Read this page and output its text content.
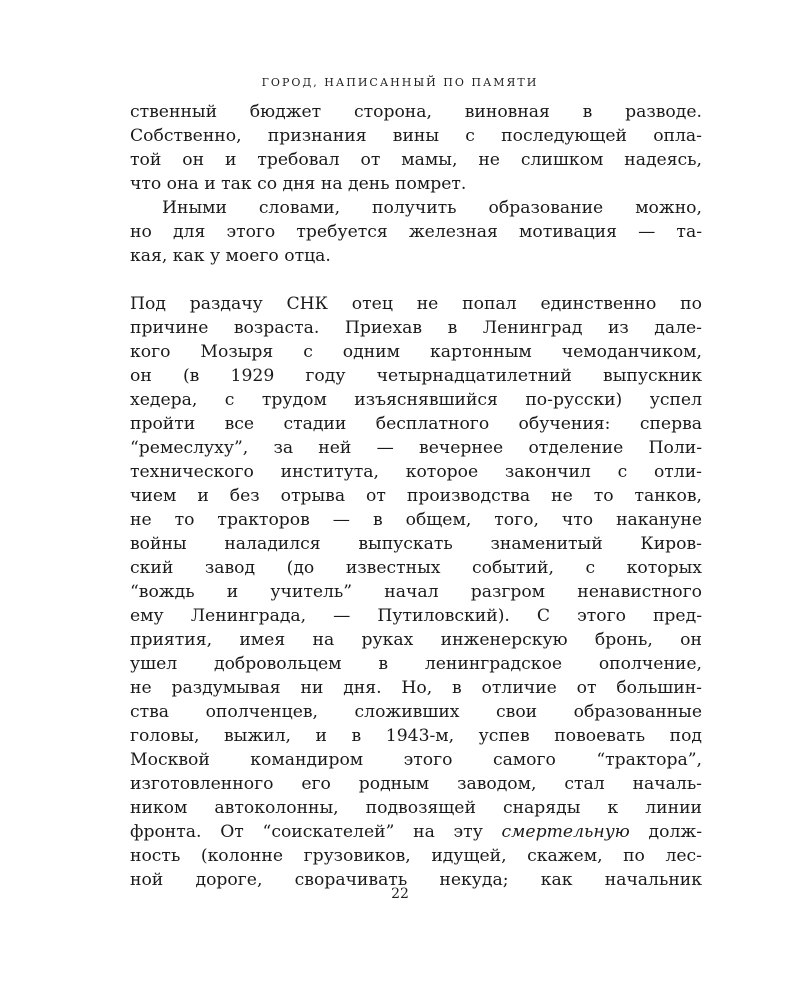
ГОРОД, НАПИСАННЫЙ ПО ПАМЯТИ
ственный бюджет сторона, виновная в разводе.
Собственно, признания вины с последующей опла-
той он и требовал от мамы, не слишком надеясь,
что она и так со дня на день помрет.
Иными словами, получить образование можно,
но для этого требуется железная мотивация — та-
кая, как у моего отца.
Под раздачу СНК отец не попал единственно по
причине возраста. Приехав в Ленинград из дале-
кого Мозыря с одним картонным чемоданчиком,
он (в 1929 году четырнадцатилетний выпускник
хедера, с трудом изъяснявшийся по-русски) успел
пройти все стадии бесплатного обучения: сперва
“ремеслуху”, за ней — вечернее отделение Поли-
технического института, которое закончил с отли-
чием и без отрыва от производства не то танков,
не то тракторов — в общем, того, что накануне
войны наладился выпускать знаменитый Киров-
ский завод (до известных событий, с которых
“вождь и учитель” начал разгром ненавистного
ему Ленинграда, — Путиловский). С этого пред-
приятия, имея на руках инженерскую бронь, он
ушел добровольцем в ленинградское ополчение,
не раздумывая ни дня. Но, в отличие от большин-
ства ополченцев, сложивших свои образованные
головы, выжил, и в 1943-м, успев повоевать под
Москвой командиром этого самого “трактора”,
изготовленного его родным заводом, стал началь-
ником автоколонны, подвозящей снаряды к линии
фронта. От “соискателей” на эту смертельную долж-
ность (колонне грузовиков, идущей, скажем, по лес-
ной дороге, сворачивать некуда; как начальник
22
